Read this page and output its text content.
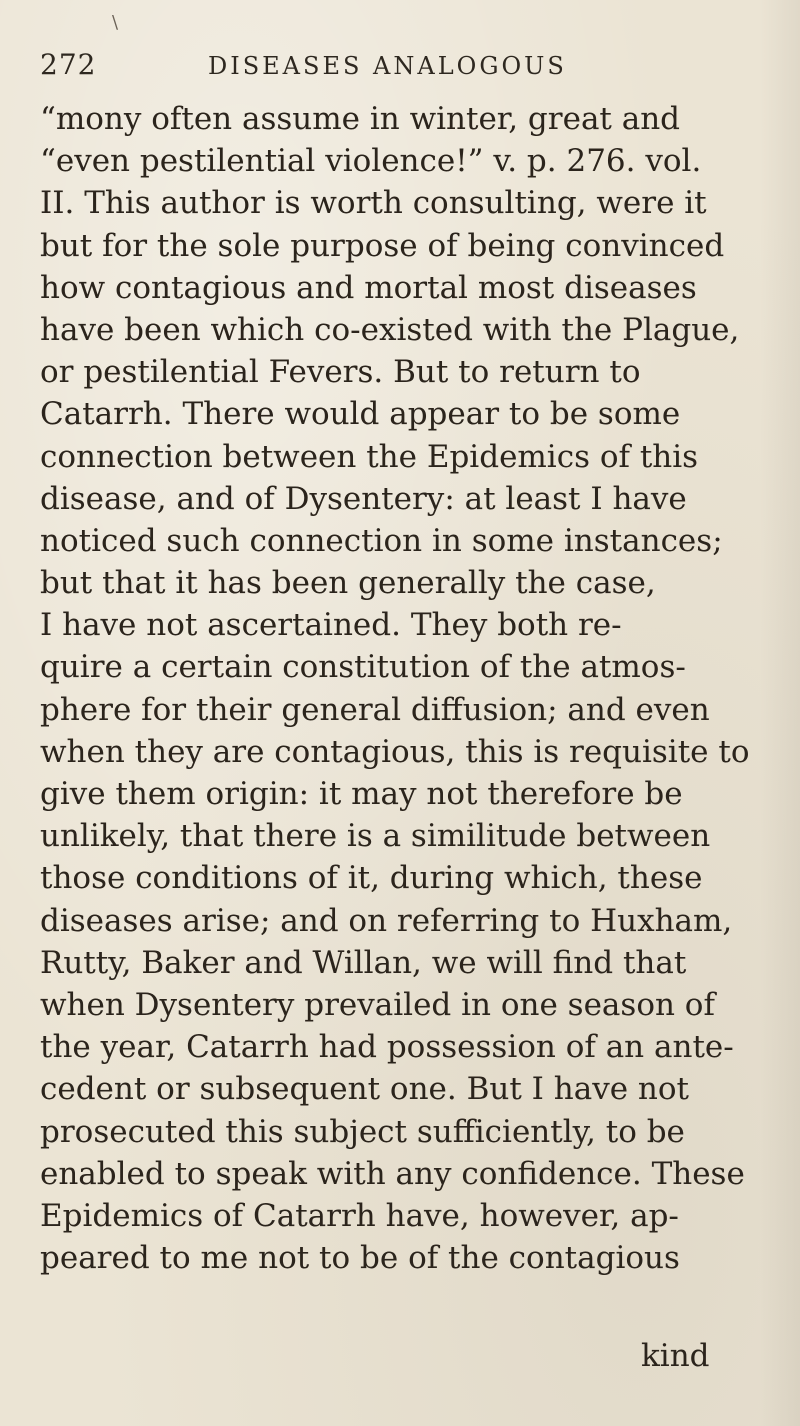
\
272	DISEASES ANALOGOUS
“mony often assume in winter, great and
“even pestilential violence!” v. p. 276. vol.
II. This author is worth consulting, were it
but for the sole purpose of being convinced
how contagious and mortal most diseases
have been which co-existed with the Plague,
or pestilential Fevers. But to return to
Catarrh. There would appear to be some
connection between the Epidemics of this
disease, and of Dysentery: at least I have
noticed such connection in some instances;
but that it has been generally the case,
I have not ascertained. They both re-
quire a certain constitution of the atmos-
phere for their general diffusion; and even
when they are contagious, this is requisite to
give them origin: it may not therefore be
unlikely, that there is a similitude between
those conditions of it, during which, these
diseases arise; and on referring to Huxham,
Rutty, Baker and Willan, we will find that
when Dysentery prevailed in one season of
the year, Catarrh had possession of an ante-
cedent or subsequent one. But I have not
prosecuted this subject sufficiently, to be
enabled to speak with any confidence. These
Epidemics of Catarrh have, however, ap-
peared to me not to be of the contagious
kind
